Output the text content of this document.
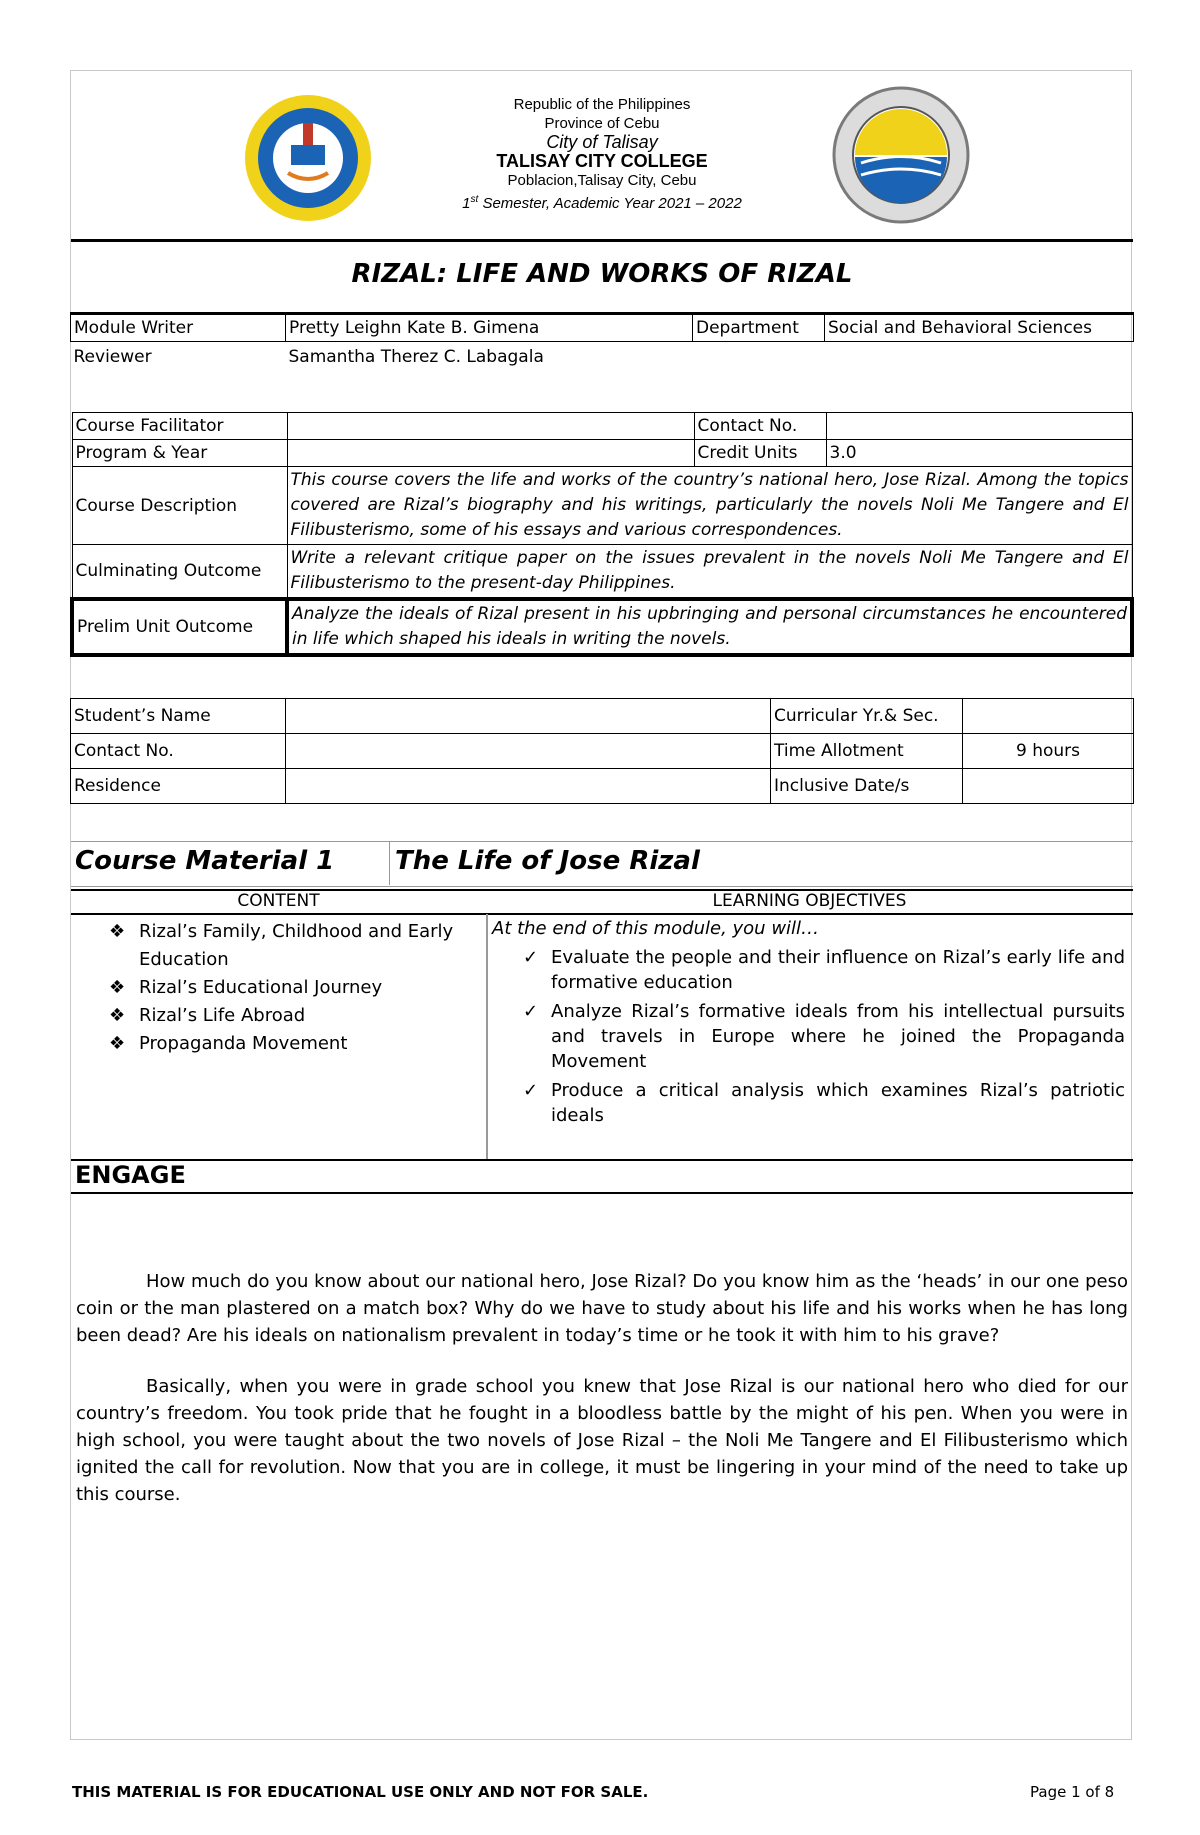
Republic of the Philippines
Province of Cebu
City of Talisay
TALISAY CITY COLLEGE
Poblacion,Talisay City, Cebu
1st Semester, Academic Year 2021 – 2022
RIZAL: LIFE AND WORKS OF RIZAL
Module Writer	Pretty Leighn Kate B. Gimena	Department	Social and Behavioral Sciences
Reviewer	Samantha Therez C. Labagala		
Course Facilitator		Contact No.	
Program & Year		Credit Units	3.0
Course Description	This course covers the life and works of the country’s national hero, Jose Rizal. Among the topics covered are Rizal’s biography and his writings, particularly the novels Noli Me Tangere and El Filibusterismo, some of his essays and various correspondences.		
Culminating Outcome	Write a relevant critique paper on the issues prevalent in the novels Noli Me Tangere and El Filibusterismo to the present-day Philippines.		
Prelim Unit Outcome	Analyze the ideals of Rizal present in his upbringing and personal circumstances he encountered in life which shaped his ideals in writing the novels.		
Student’s Name		Curricular Yr.& Sec.	
Contact No.		Time Allotment	9 hours
Residence		Inclusive Date/s	
Course Material 1 The Life of Jose Rizal
CONTENT	LEARNING OBJECTIVES
❖ Rizal’s Family, Childhood and Early Education
❖ Rizal’s Educational Journey
❖ Rizal’s Life Abroad
❖ Propaganda Movement
At the end of this module, you will…
✓ Evaluate the people and their influence on Rizal’s early life and formative education
✓ Analyze Rizal’s formative ideals from his intellectual pursuits and travels in Europe where he joined the Propaganda Movement
✓ Produce a critical analysis which examines Rizal’s patriotic ideals
ENGAGE
How much do you know about our national hero, Jose Rizal? Do you know him as the ‘heads’ in our one peso coin or the man plastered on a match box? Why do we have to study about his life and his works when he has long been dead? Are his ideals on nationalism prevalent in today’s time or he took it with him to his grave?
Basically, when you were in grade school you knew that Jose Rizal is our national hero who died for our country’s freedom. You took pride that he fought in a bloodless battle by the might of his pen. When you were in high school, you were taught about the two novels of Jose Rizal – the Noli Me Tangere and El Filibusterismo which ignited the call for revolution. Now that you are in college, it must be lingering in your mind of the need to take up this course.
THIS MATERIAL IS FOR EDUCATIONAL USE ONLY AND NOT FOR SALE.	Page 1 of 8
